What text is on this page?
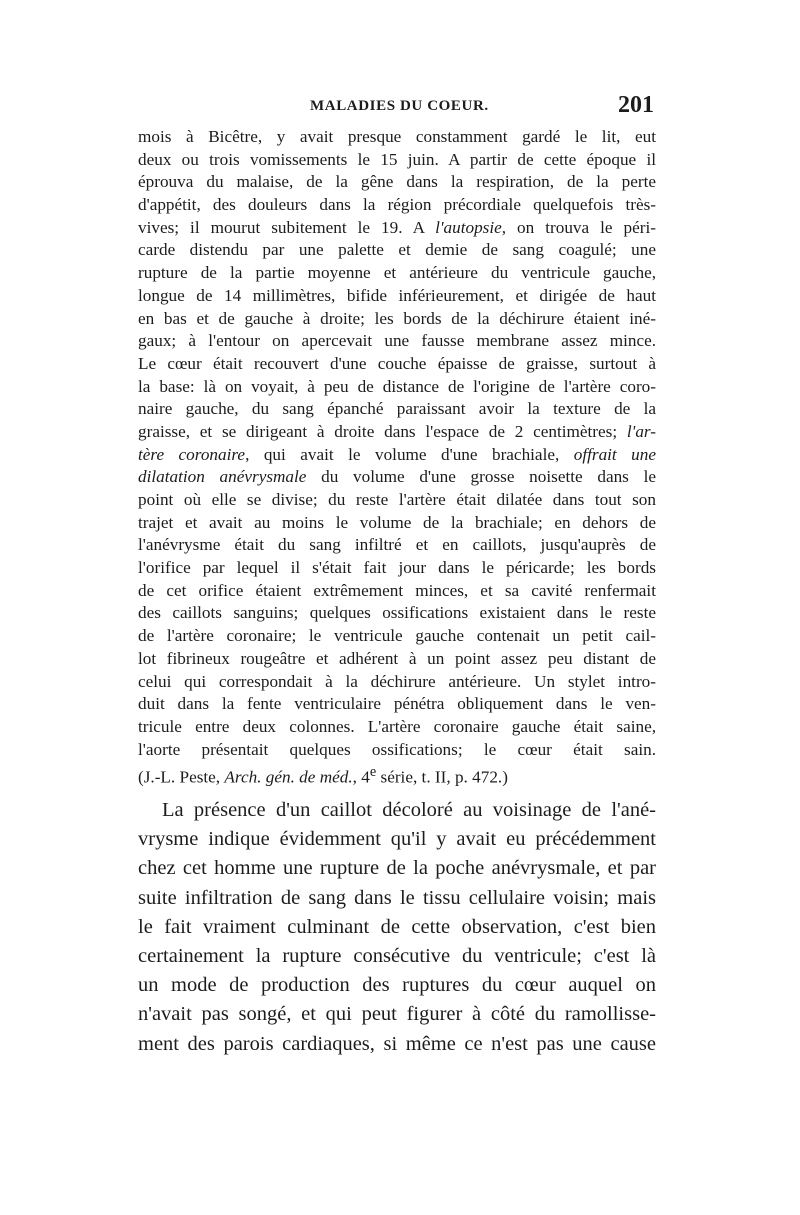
MALADIES DU COEUR.	201
mois à Bicêtre, y avait presque constamment gardé le lit, eut
deux ou trois vomissements le 15 juin. A partir de cette époque il
éprouva du malaise, de la gêne dans la respiration, de la perte
d'appétit, des douleurs dans la région précordiale quelquefois très-
vives; il mourut subitement le 19. A l'autopsie, on trouva le péri-
carde distendu par une palette et demie de sang coagulé; une
rupture de la partie moyenne et antérieure du ventricule gauche,
longue de 14 millimètres, bifide inférieurement, et dirigée de haut
en bas et de gauche à droite; les bords de la déchirure étaient iné-
gaux; à l'entour on apercevait une fausse membrane assez mince.
Le cœur était recouvert d'une couche épaisse de graisse, surtout à
la base: là on voyait, à peu de distance de l'origine de l'artère coro-
naire gauche, du sang épanché paraissant avoir la texture de la
graisse, et se dirigeant à droite dans l'espace de 2 centimètres; l'ar-
tère coronaire, qui avait le volume d'une brachiale, offrait une
dilatation anévrysmale du volume d'une grosse noisette dans le
point où elle se divise; du reste l'artère était dilatée dans tout son
trajet et avait au moins le volume de la brachiale; en dehors de
l'anévrysme était du sang infiltré et en caillots, jusqu'auprès de
l'orifice par lequel il s'était fait jour dans le péricarde; les bords
de cet orifice étaient extrêmement minces, et sa cavité renfermait
des caillots sanguins; quelques ossifications existaient dans le reste
de l'artère coronaire; le ventricule gauche contenait un petit cail-
lot fibrineux rougeâtre et adhérent à un point assez peu distant de
celui qui correspondait à la déchirure antérieure. Un stylet intro-
duit dans la fente ventriculaire pénétra obliquement dans le ven-
tricule entre deux colonnes. L'artère coronaire gauche était saine,
l'aorte présentait quelques ossifications; le cœur était sain.
(J.-L. Peste, Arch. gén. de méd., 4e série, t. II, p. 472.)
La présence d'un caillot décoloré au voisinage de l'ané-
vrysme indique évidemment qu'il y avait eu précédemment
chez cet homme une rupture de la poche anévrysmale, et par
suite infiltration de sang dans le tissu cellulaire voisin; mais
le fait vraiment culminant de cette observation, c'est bien
certainement la rupture consécutive du ventricule; c'est là
un mode de production des ruptures du cœur auquel on
n'avait pas songé, et qui peut figurer à côté du ramollisse-
ment des parois cardiaques, si même ce n'est pas une cause
